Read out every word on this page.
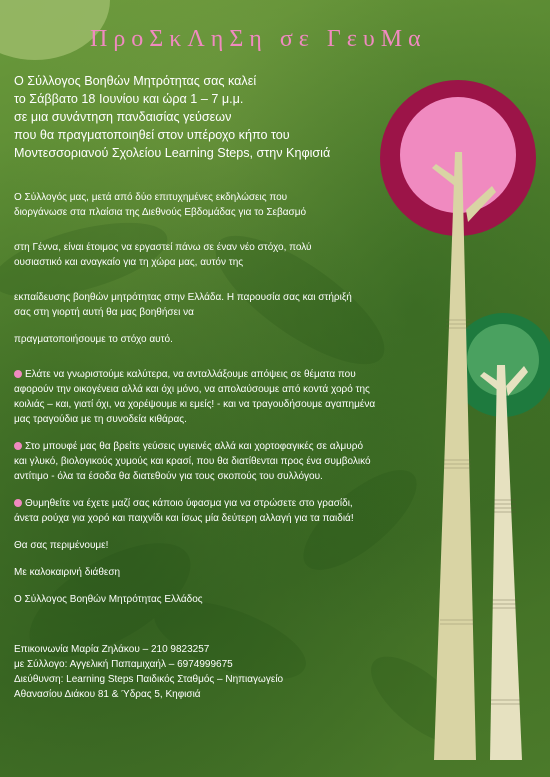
ΠροΣκΛηΣη σε ΓευΜα
Ο Σύλλογος Βοηθών Μητρότητας σας καλεί
το Σάββατο 18 Ιουνίου και ώρα 1 – 7 μ.μ.
σε μια συνάντηση πανδαισίας γεύσεων
που θα πραγματοποιηθεί στον υπέροχο κήπο του
Μοντεσσοριανού Σχολείου Learning Steps, στην Κηφισιά

Ο Σύλλογός μας, μετά από δύο επιτυχημένες εκδηλώσεις που
διοργάνωσε στα πλαίσια της Διεθνούς Εβδομάδας για το Σεβασμό
στη Γέννα, είναι έτοιμος να εργαστεί πάνω σε έναν νέο στόχο, πολύ
ουσιαστικό και αναγκαίο για τη χώρα μας, αυτόν της
εκπαίδευσης βοηθών μητρότητας στην Ελλάδα. Η παρουσία σας και στήριξή
σας στη γιορτή αυτή θα μας βοηθήσει να
πραγματοποιήσουμε το στόχο αυτό.

Ελάτε να γνωριστούμε καλύτερα, να ανταλλάξουμε απόψεις σε θέματα που
αφορούν την οικογένεια αλλά και όχι μόνο, να απολαύσουμε από κοντά χορό της
κοιλιάς – και, γιατί όχι, να χορέψουμε κι εμείς! - και να τραγουδήσουμε αγαπημένα
μας τραγούδια με τη συνοδεία κιθάρας.

Στο μπουφέ μας θα βρείτε γεύσεις υγιεινές αλλά και χορτοφαγικές σε αλμυρό
και γλυκό, βιολογικούς χυμούς και κρασί, που θα διατίθενται προς ένα συμβολικό
αντίτιμο - όλα τα έσοδα θα διατεθούν για τους σκοπούς του συλλόγου.

Θυμηθείτε να έχετε μαζί σας κάποιο ύφασμα για να στρώσετε στο γρασίδι,
άνετα ρούχα για χορό και παιχνίδι και ίσως μία δεύτερη αλλαγή για τα παιδιά!

Θα σας περιμένουμε!

Με καλοκαιρινή διάθεση

Ο Σύλλογος Βοηθών Μητρότητας Ελλάδος

Επικοινωνία Μαρία Ζηλάκου – 210 9823257
με Σύλλογο: Αγγελική Παπαμιχαήλ – 6974999675
Διεύθυνση: Learning Steps Παιδικός Σταθμός – Νηπιαγωγείο
Αθανασίου Διάκου 81 & Ύδρας 5, Κηφισιά
